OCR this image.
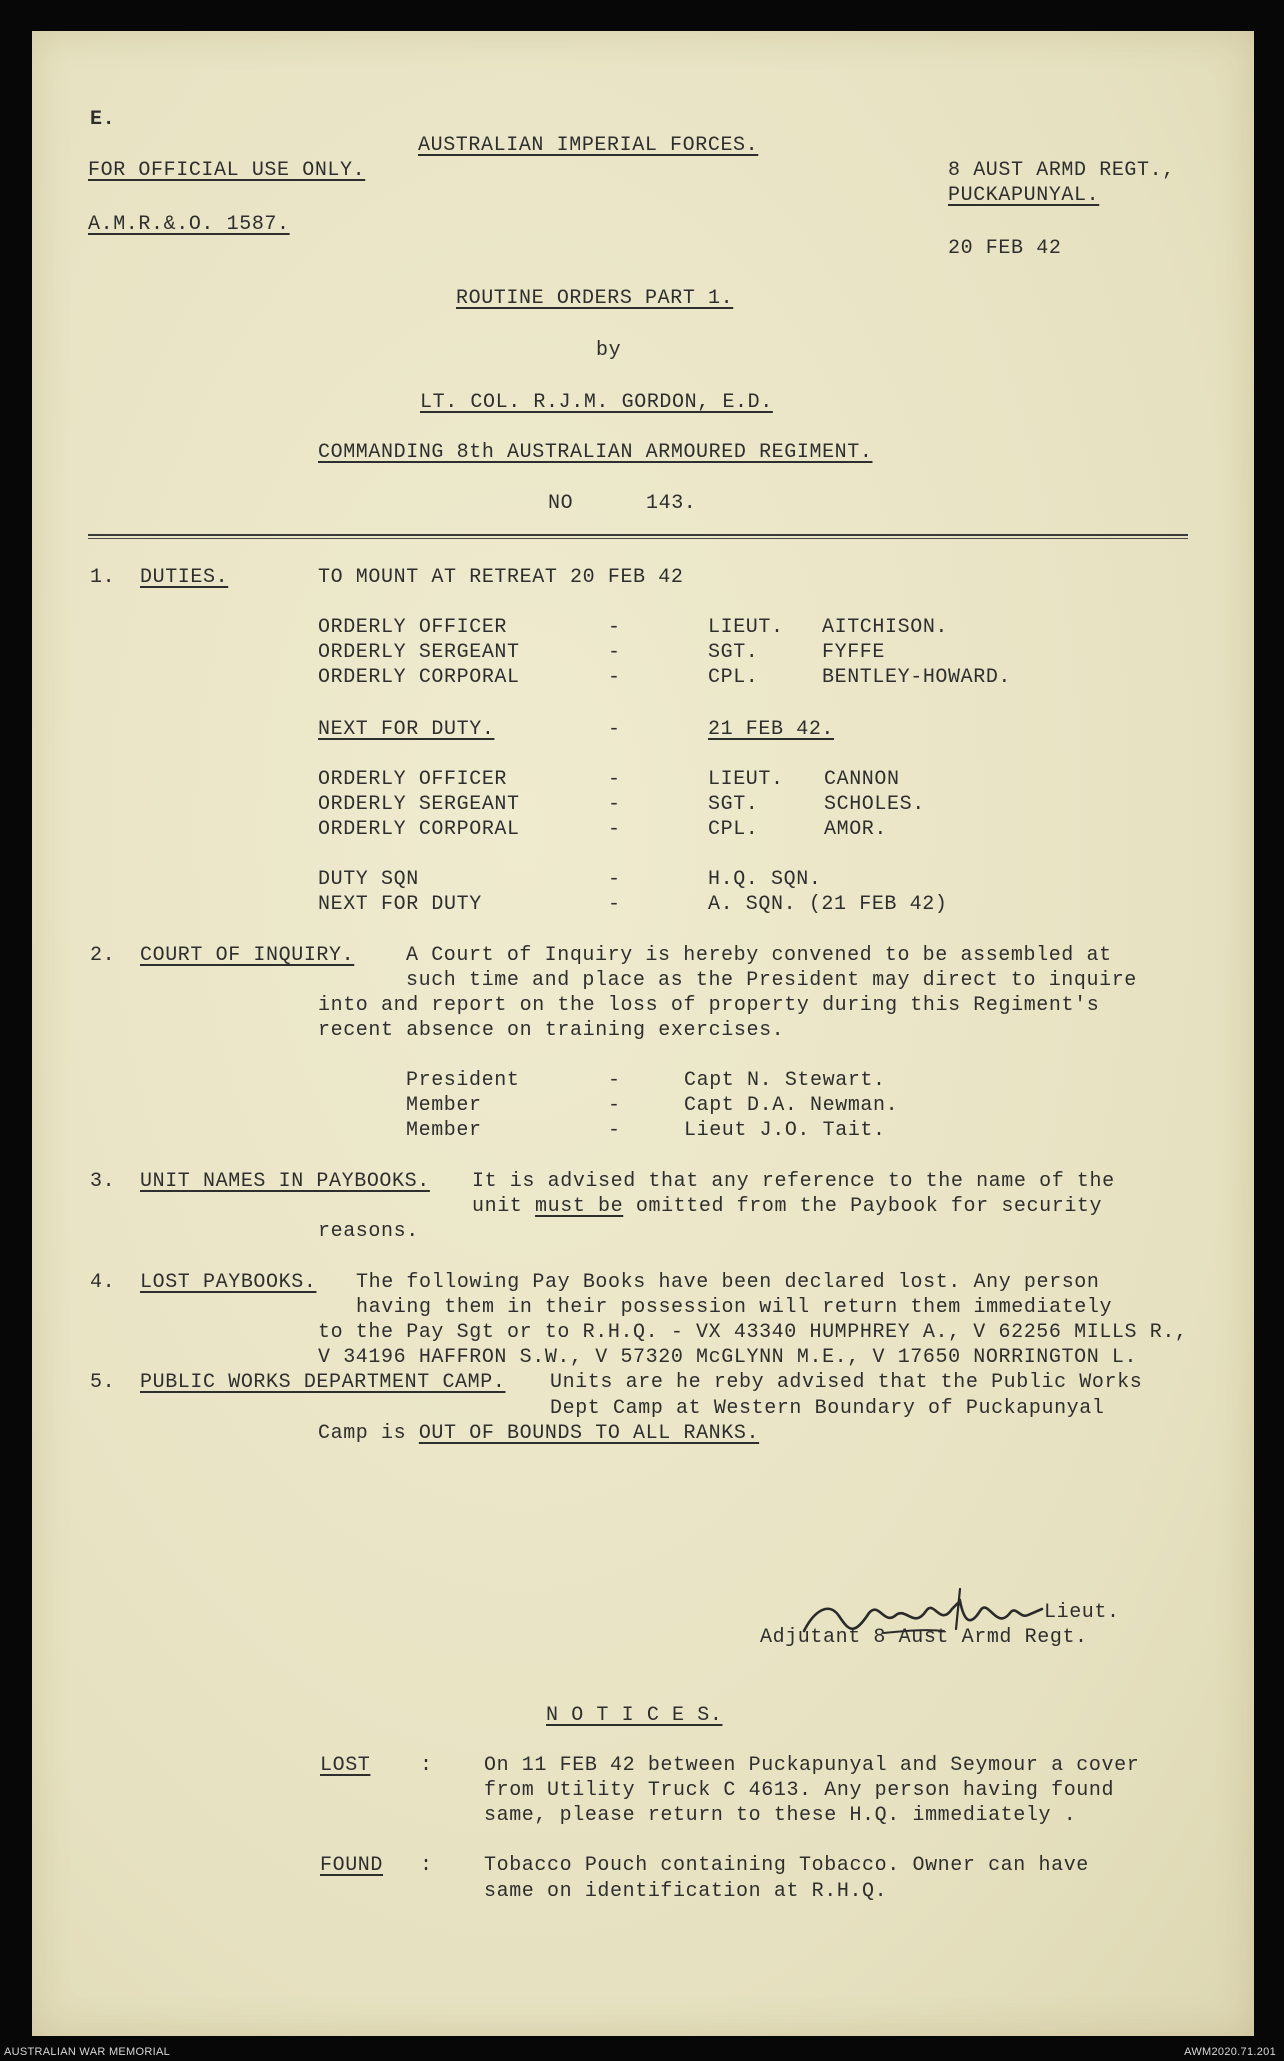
E.
FOR OFFICIAL USE ONLY.
A.M.R.&.O. 1587.
AUSTRALIAN IMPERIAL FORCES.
8 AUST ARMD REGT.,
PUCKAPUNYAL.
20 FEB 42
ROUTINE ORDERS PART 1.
by
LT. COL. R.J.M. GORDON, E.D.
COMMANDING 8th AUSTRALIAN ARMOURED REGIMENT.
NO	143.
1. DUTIES.	TO MOUNT AT RETREAT 20 FEB 42
ORDERLY OFFICER	-	LIEUT. AITCHISON.
ORDERLY SERGEANT	-	SGT.	FYFFE
ORDERLY CORPORAL	-	CPL.	BENTLEY-HOWARD.
NEXT FOR DUTY.	-	21 FEB 42.
ORDERLY OFFICER	-	LIEUT. CANNON
ORDERLY SERGEANT	-	SGT.	SCHOLES.
ORDERLY CORPORAL	-	CPL.	AMOR.
DUTY SQN	-	H.Q. SQN.
NEXT FOR DUTY	-	A. SQN. (21 FEB 42)
2. COURT OF INQUIRY.	A Court of Inquiry is hereby convened to be assembled at
such time and place as the President may direct to inquire
into and report on the loss of property during this Regiment's
recent absence on training exercises.
President	-	Capt N. Stewart.
Member	-	Capt D.A. Newman.
Member	-	Lieut J.O. Tait.
3. UNIT NAMES IN PAYBOOKS. It is advised that any reference to the name of the
unit must be omitted from the Paybook for security
reasons.
4. LOST PAYBOOKS. The following Pay Books have been declared lost. Any person
having them in their possession will return them immediately
to the Pay Sgt or to R.H.Q. - VX 43340 HUMPHREY A., V 62256 MILLS R.,
V 34196 HAFFRON S.W., V 57320 McGLYNN M.E., V 17650 NORRINGTON L.
5. PUBLIC WORKS DEPARTMENT CAMP. Units are he reby advised that the Public Works
Dept Camp at Western Boundary of Puckapunyal
Camp is OUT OF BOUNDS TO ALL RANKS.
Lieut.
Adjutant 8 Aust Armd Regt.
N O T I C E S.
LOST :	On 11 FEB 42 between Puckapunyal and Seymour a cover
from Utility Truck C 4613. Any person having found
same, please return to these H.Q. immediately .
FOUND :	Tobacco Pouch containing Tobacco. Owner can have
same on identification at R.H.Q.
AUSTRALIAN WAR MEMORIAL	AWM2020.71.201
